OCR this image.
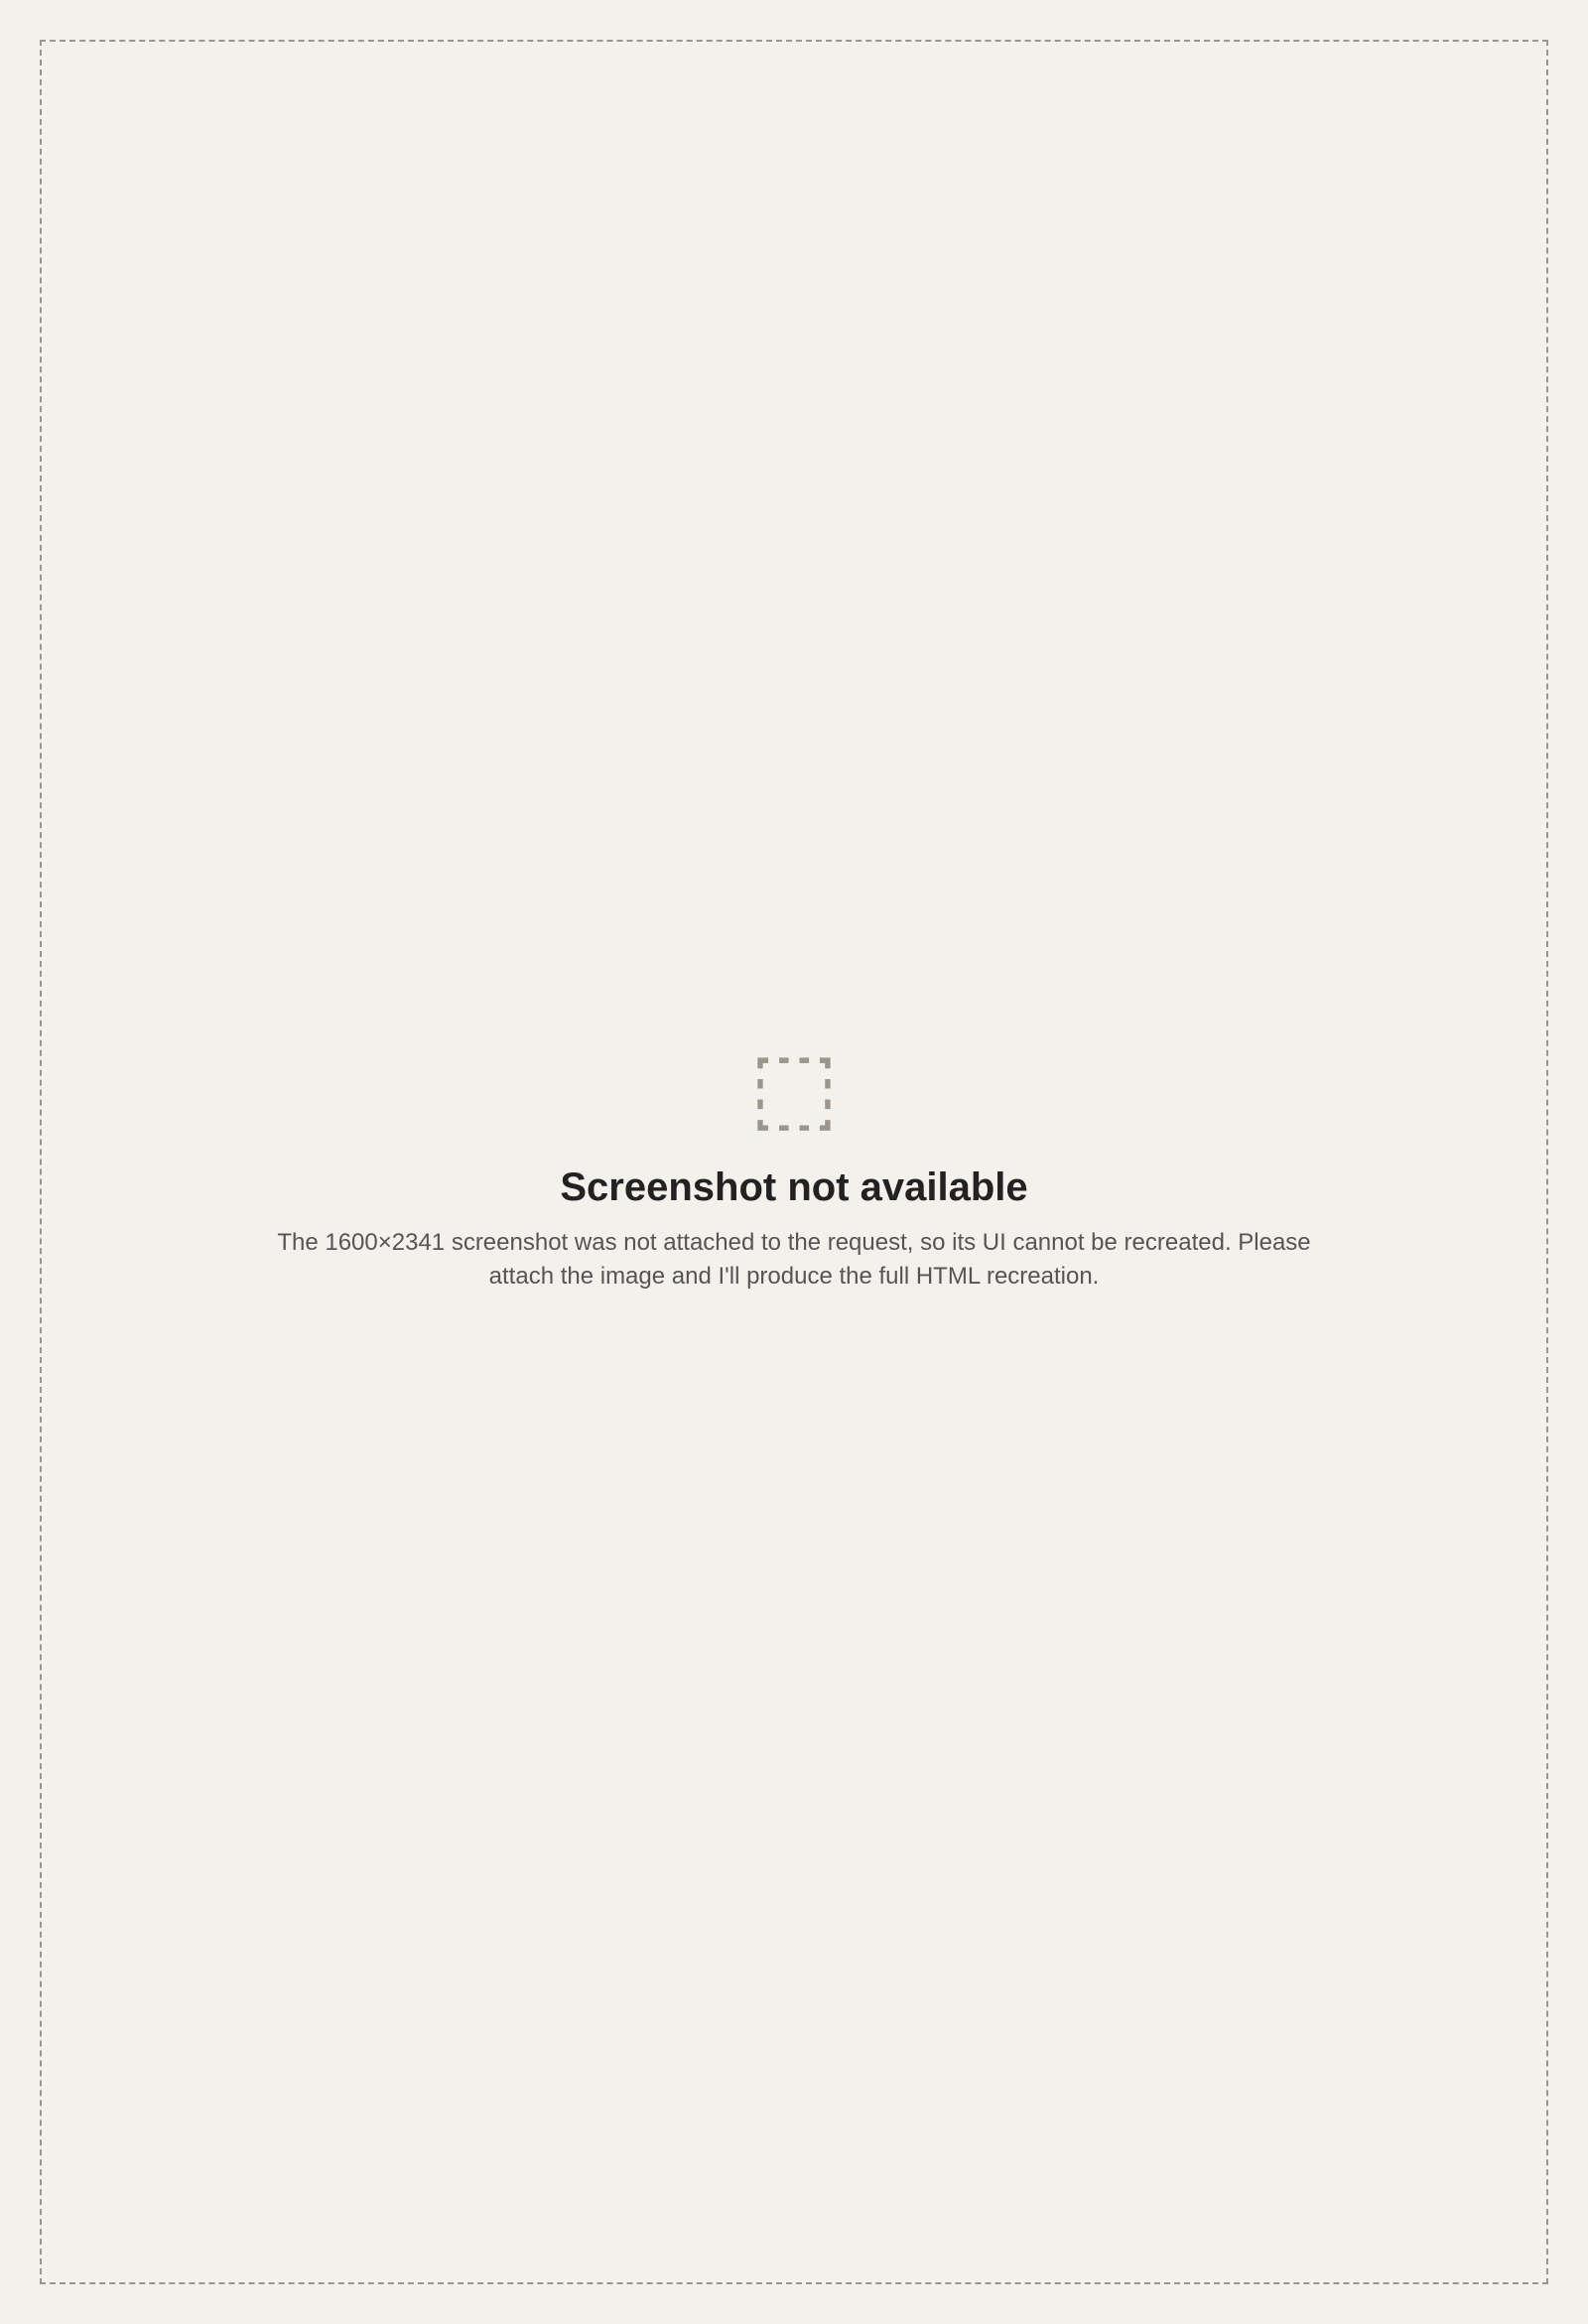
⬚
Screenshot not available

The 1600×2341 screenshot was not attached to the request, so its UI cannot be recreated. Please attach the image and I'll produce the full HTML recreation.
